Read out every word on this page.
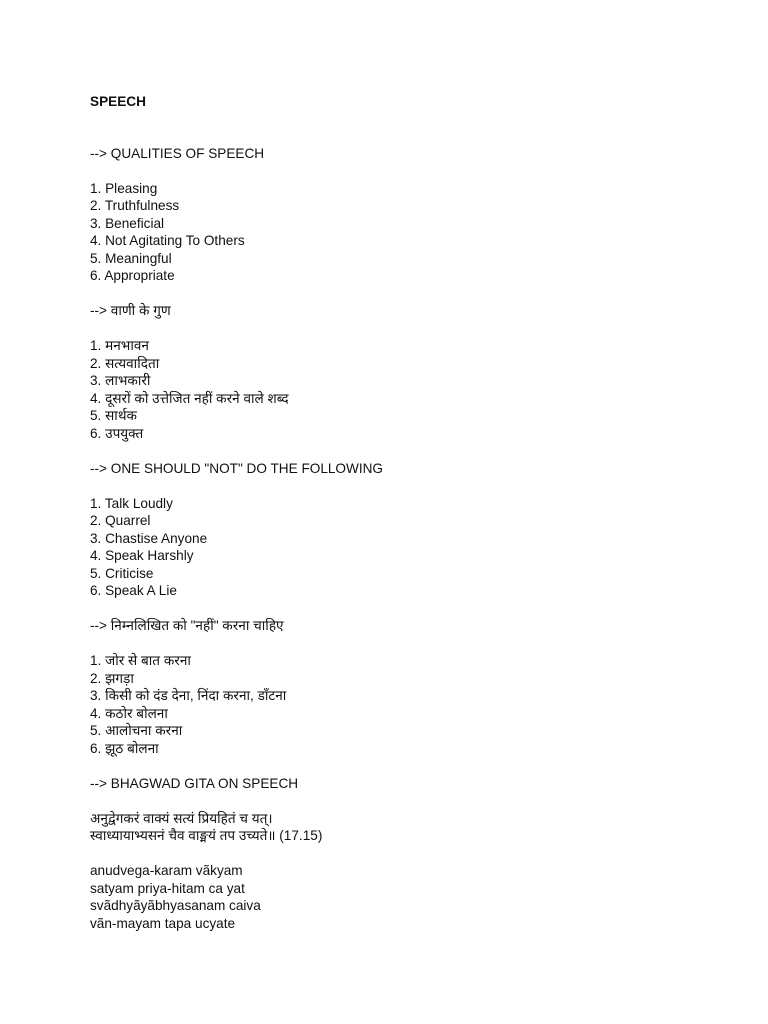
SPEECH
--> QUALITIES OF SPEECH
1. Pleasing
2. Truthfulness
3. Beneficial
4. Not Agitating To Others
5. Meaningful
6. Appropriate
--> वाणी के गुण
1. मनभावन
2. सत्यवादिता
3. लाभकारी
4. दूसरों को उत्तेजित नहीं करने वाले शब्द
5. सार्थक
6. उपयुक्त
--> ONE SHOULD "NOT" DO THE FOLLOWING
1. Talk Loudly
2. Quarrel
3. Chastise Anyone
4. Speak Harshly
5. Criticise
6. Speak A Lie
--> निम्नलिखित को "नहीं" करना चाहिए
1. जोर से बात करना
2. झगड़ा
3. किसी को दंड देना, निंदा करना, डाँटना
4. कठोर बोलना
5. आलोचना करना
6. झूठ बोलना
--> BHAGWAD GITA ON SPEECH
अनुद्वेगकरं वाक्यं सत्यं प्रियहितं च यत्।
स्वाध्यायाभ्यसनं चैव वाङ्मयं तप उच्यते॥ (17.15)
anudvega-karam vãkyam
satyam priya-hitam ca yat
svãdhyãyãbhyasanam caiva
vãn-mayam tapa ucyate
